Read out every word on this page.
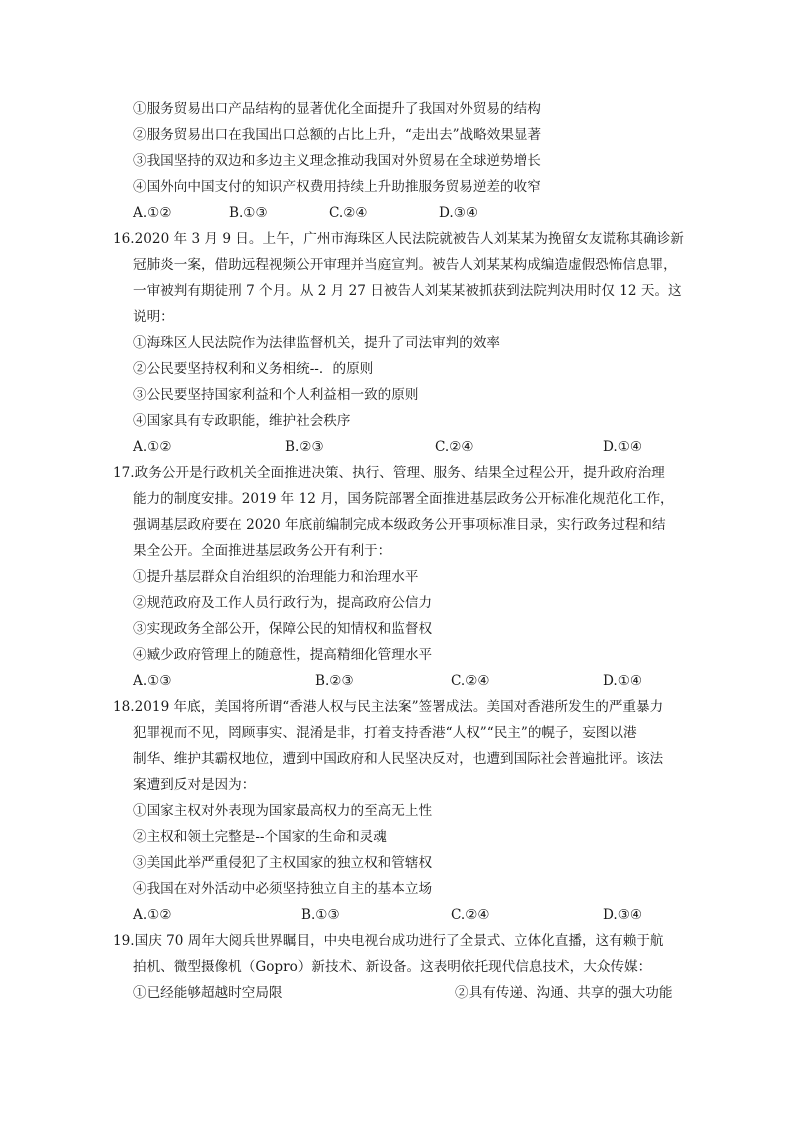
①服务贸易出口产品结构的显著优化全面提升了我国对外贸易的结构
②服务贸易出口在我国出口总额的占比上升，“走出去”战略效果显著
③我国坚持的双边和多边主义理念推动我国对外贸易在全球逆势增长
④国外向中国支付的知识产权费用持续上升助推服务贸易逆差的收窄
A.①②	B.①③	C.②④	D.③④
16.2020 年 3 月 9 日。上午，广州市海珠区人民法院就被告人刘某某为挽留女友谎称其确诊新
冠肺炎一案，借助远程视频公开审理并当庭宣判。被告人刘某某构成编造虚假恐怖信息罪，
一审被判有期徒刑 7 个月。从 2 月 27 日被告人刘某某被抓获到法院判决用时仅 12 天。这
说明：
①海珠区人民法院作为法律监督机关，提升了司法审判的效率
②公民要坚持权利和义务相统--．的原则
③公民要坚持国家利益和个人利益相一致的原则
④国家具有专政职能，维护社会秩序
A.①②	B.②③	C.②④	D.①④
17.政务公开是行政机关全面推进决策、执行、管理、服务、结果全过程公开，提升政府治理
能力的制度安排。2019 年 12 月，国务院部署全面推进基层政务公开标准化规范化工作，
强调基层政府要在 2020 年底前编制完成本级政务公开事项标准目录，实行政务过程和结
果全公开。全面推进基层政务公开有利于：
①提升基层群众自治组织的治理能力和治理水平
②规范政府及工作人员行政行为，提高政府公信力
③实现政务全部公开，保障公民的知情权和监督权
④臧少政府管理上的随意性，提高精细化管理水平
A.①③	B.②③	C.②④	D.①④
18.2019 年底，美国将所谓“香港人权与民主法案”签署成法。美国对香港所发生的严重暴力
犯罪视而不见，罔顾事实、混淆是非，打着支持香港“人权”“民主”的幌子，妄图以港
制华、维护其霸权地位，遭到中国政府和人民坚决反对，也遭到国际社会普遍批评。该法
案遭到反对是因为：
①国家主权对外表现为国家最高权力的至高无上性
②主权和领土完整是--个国家的生命和灵魂
③美国此举严重侵犯了主权国家的独立权和管辖权
④我国在对外活动中必须坚持独立自主的基本立场
A.①②	B.①③	C.②④	D.③④
19.国庆 70 周年大阅兵世界瞩目，中央电视台成功进行了全景式、立体化直播，这有赖于航
拍机、微型摄像机（Gopro）新技术、新设备。这表明依托现代信息技术，大众传媒：
①已经能够超越时空局限	②具有传递、沟通、共享的强大功能
